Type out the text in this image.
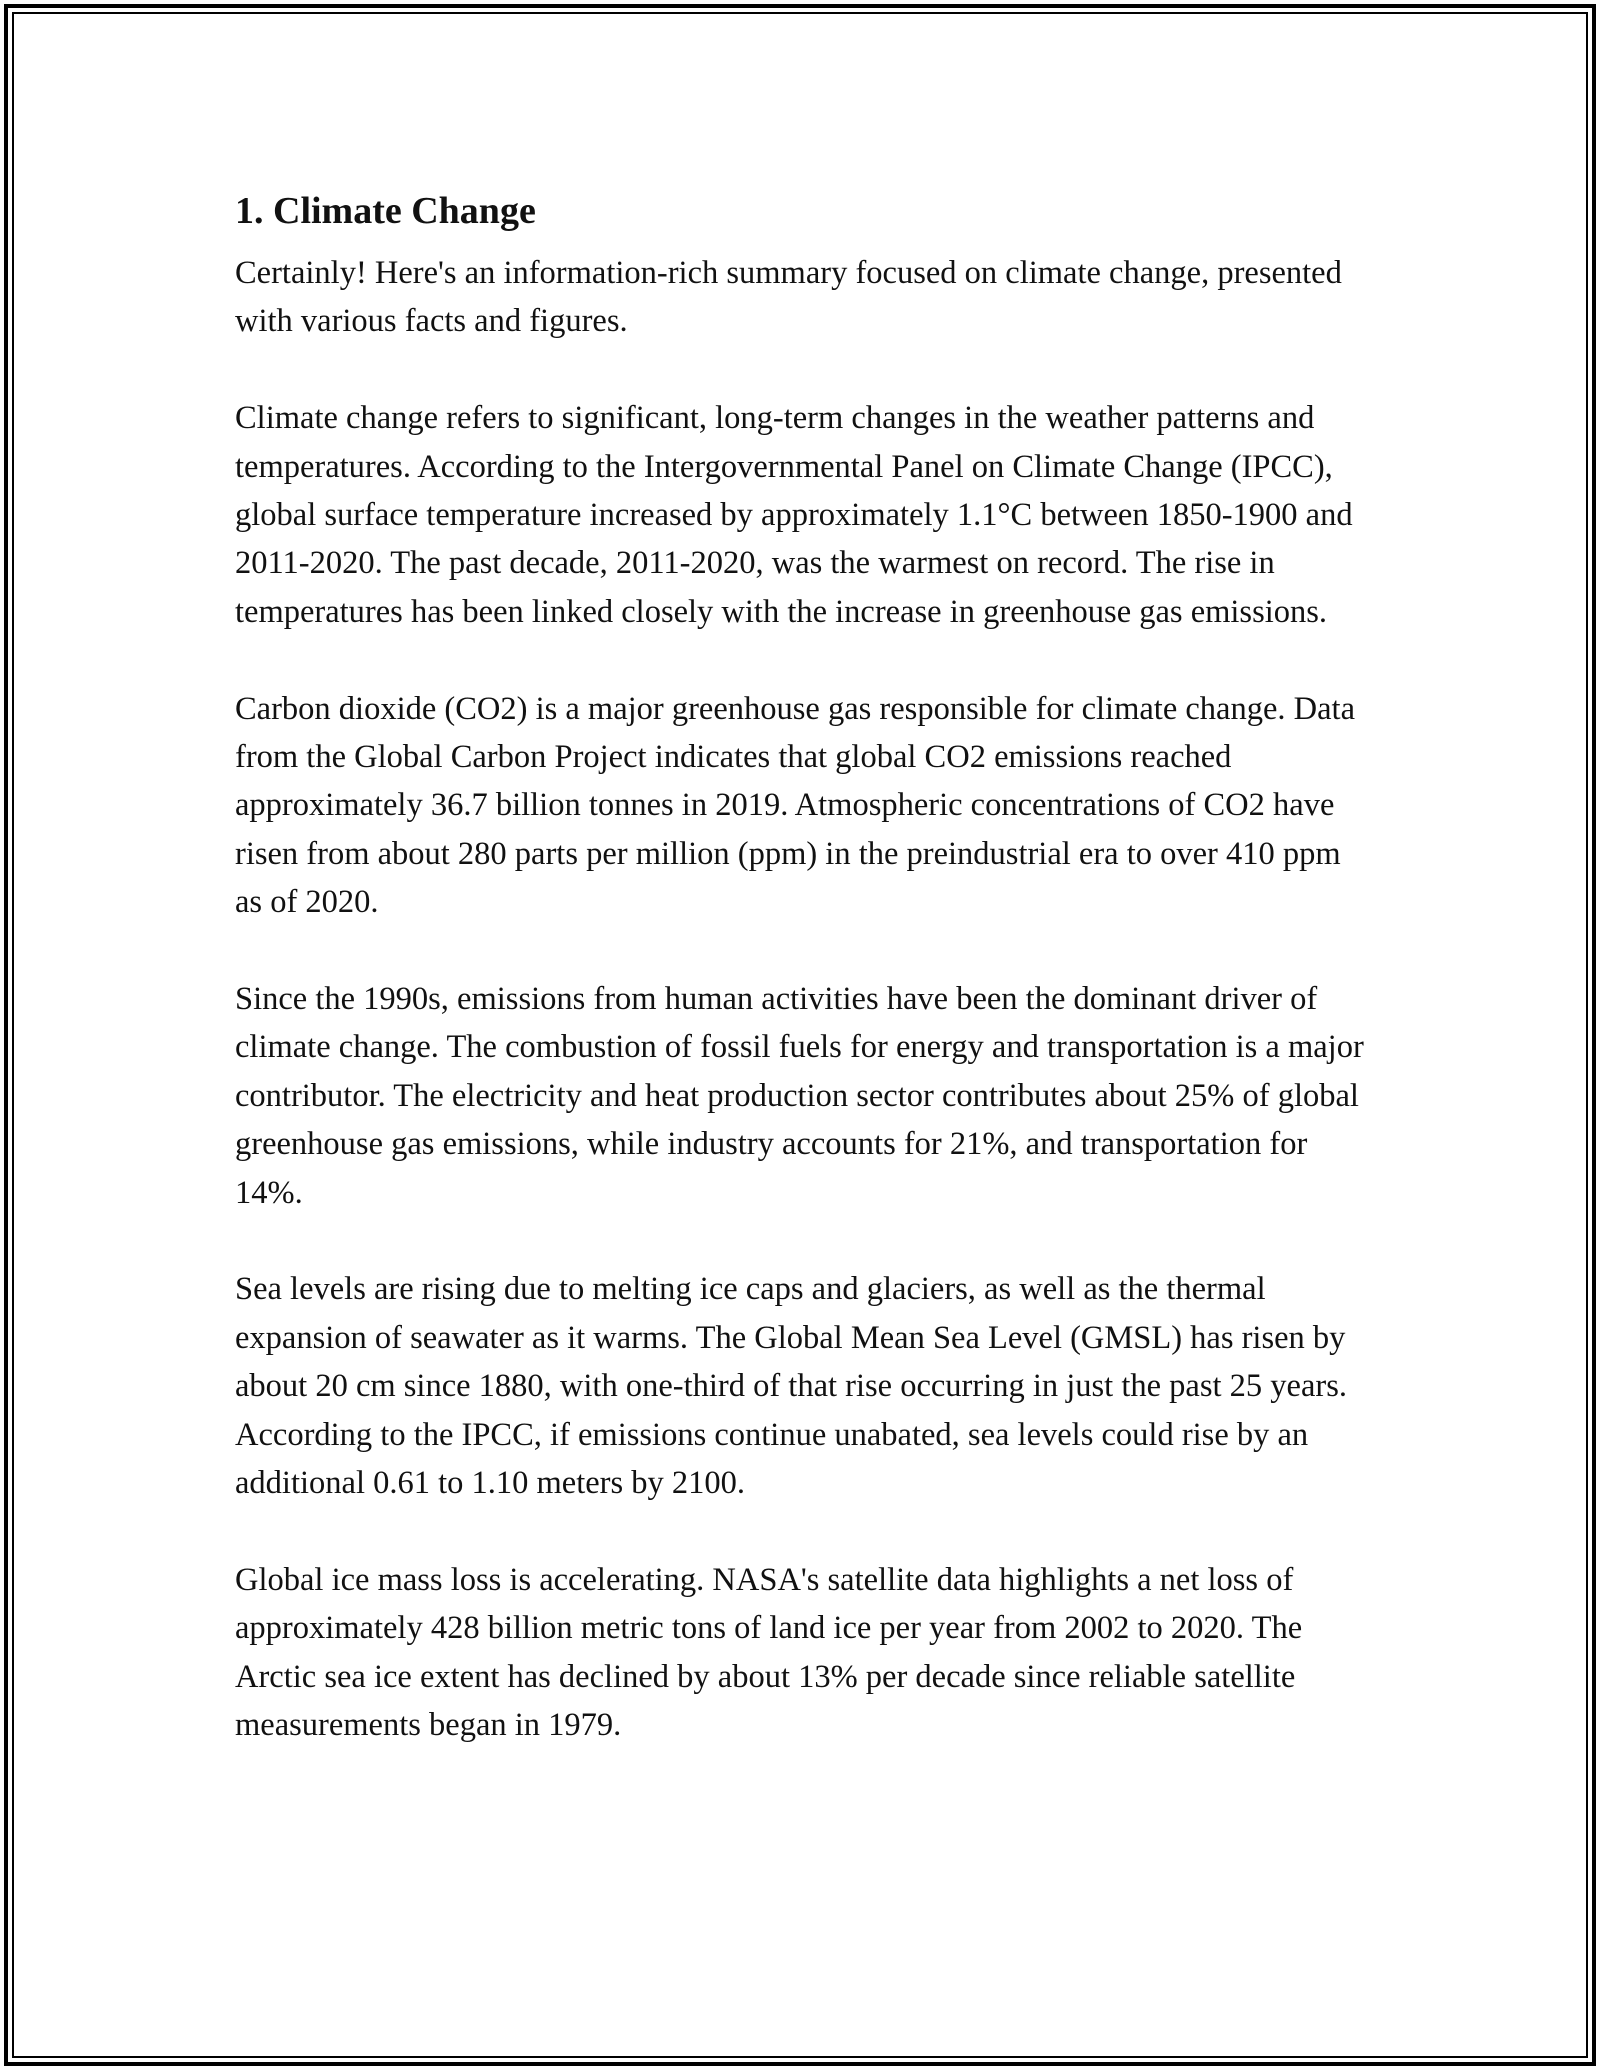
1. Climate Change

Certainly! Here's an information-rich summary focused on climate change, presented with various facts and figures.

Climate change refers to significant, long-term changes in the weather patterns and temperatures. According to the Intergovernmental Panel on Climate Change (IPCC), global surface temperature increased by approximately 1.1°C between 1850-1900 and 2011-2020. The past decade, 2011-2020, was the warmest on record. The rise in temperatures has been linked closely with the increase in greenhouse gas emissions.

Carbon dioxide (CO2) is a major greenhouse gas responsible for climate change. Data from the Global Carbon Project indicates that global CO2 emissions reached approximately 36.7 billion tonnes in 2019. Atmospheric concentrations of CO2 have risen from about 280 parts per million (ppm) in the preindustrial era to over 410 ppm as of 2020.

Since the 1990s, emissions from human activities have been the dominant driver of climate change. The combustion of fossil fuels for energy and transportation is a major contributor. The electricity and heat production sector contributes about 25% of global greenhouse gas emissions, while industry accounts for 21%, and transportation for 14%.

Sea levels are rising due to melting ice caps and glaciers, as well as the thermal expansion of seawater as it warms. The Global Mean Sea Level (GMSL) has risen by about 20 cm since 1880, with one-third of that rise occurring in just the past 25 years. According to the IPCC, if emissions continue unabated, sea levels could rise by an additional 0.61 to 1.10 meters by 2100.

Global ice mass loss is accelerating. NASA's satellite data highlights a net loss of approximately 428 billion metric tons of land ice per year from 2002 to 2020. The Arctic sea ice extent has declined by about 13% per decade since reliable satellite measurements began in 1979.
